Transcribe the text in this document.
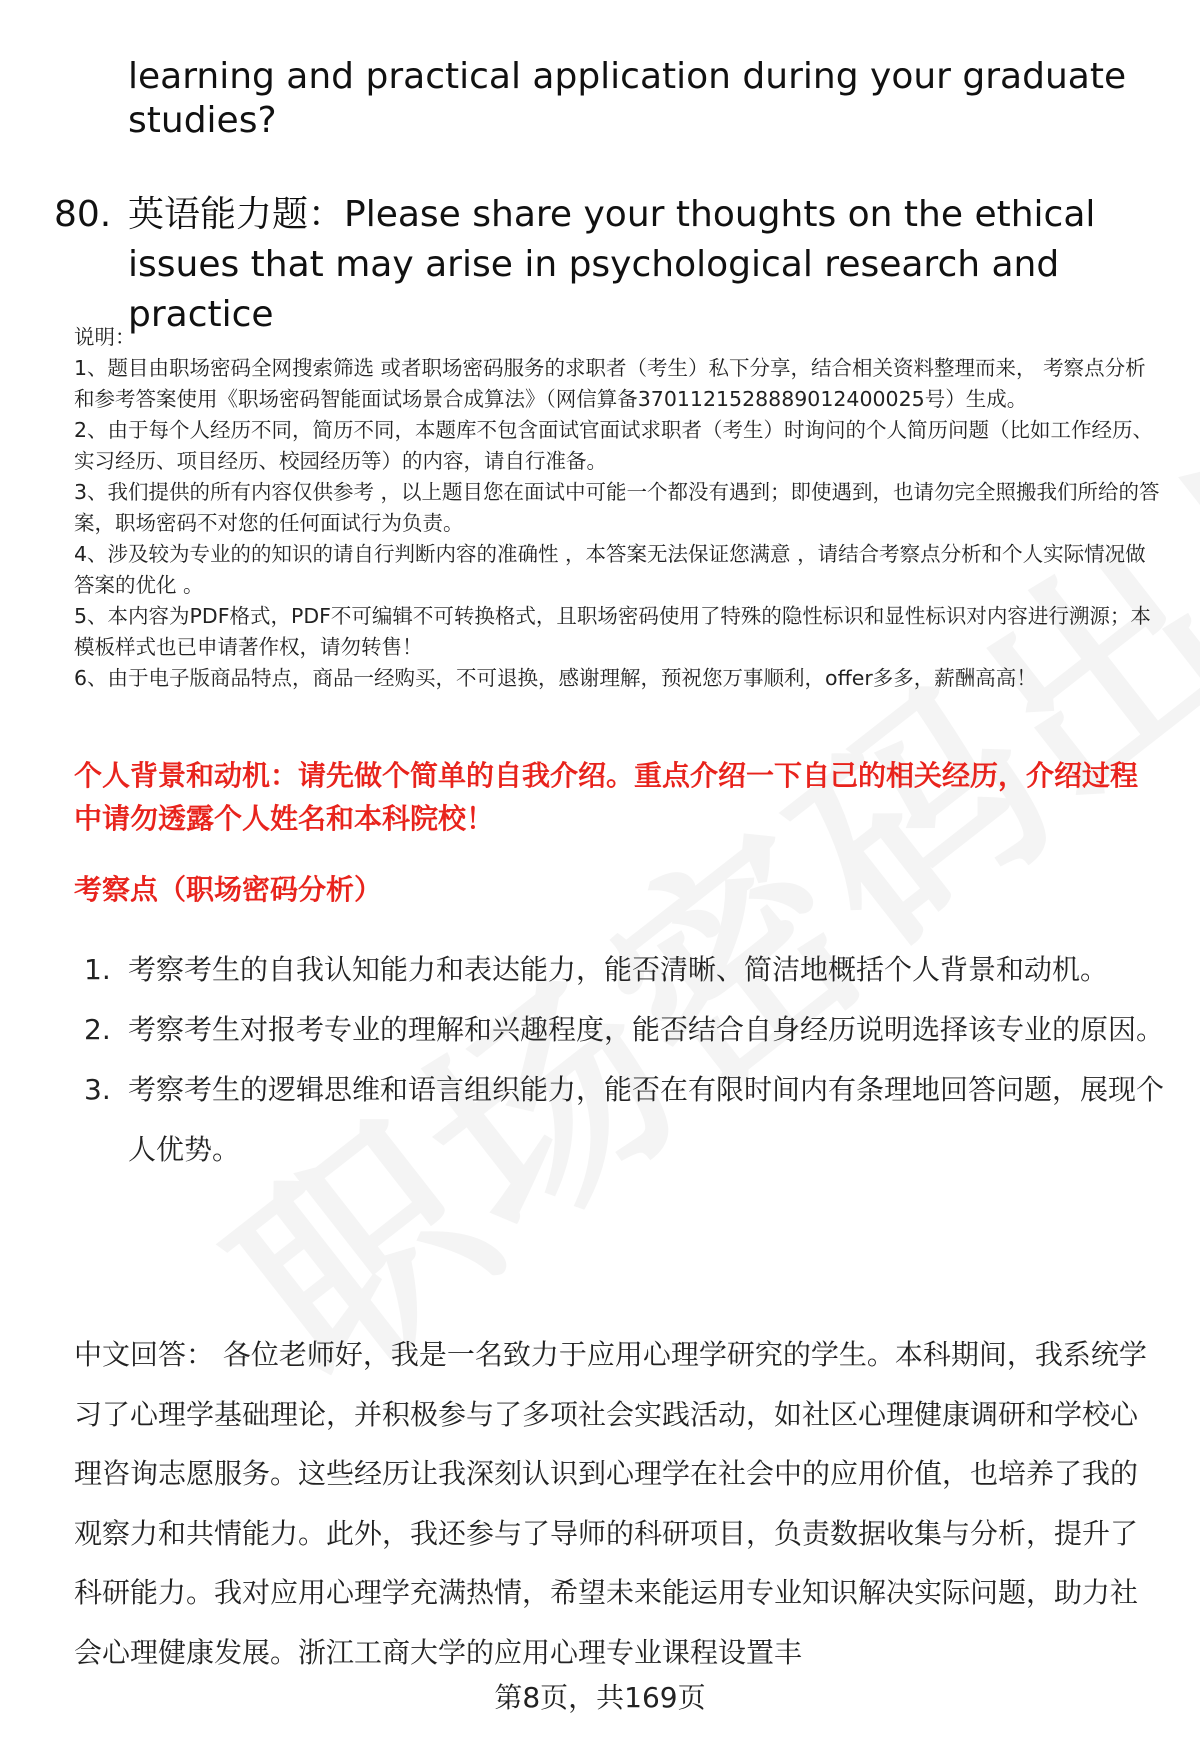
learning and practical application during your graduate
studies?
80. 英语能力题：Please share your thoughts on the ethical
issues that may arise in psychological research and practice
说明：
1、题目由职场密码全网搜索筛选 或者职场密码服务的求职者（考生）私下分享，结合相关资料整理而来， 考察点分析和参考答案使用《职场密码智能面试场景合成算法》（网信算备3701121528889012400025号）生成。
2、由于每个人经历不同，简历不同，本题库不包含面试官面试求职者（考生）时询问的个人简历问题（比如工作经历、实习经历、项目经历、校园经历等）的内容，请自行准备。
3、我们提供的所有内容仅供参考 ，以上题目您在面试中可能一个都没有遇到；即使遇到，也请勿完全照搬我们所给的答案，职场密码不对您的任何面试行为负责。
4、涉及较为专业的的知识的请自行判断内容的准确性 ，本答案无法保证您满意 ，请结合考察点分析和个人实际情况做答案的优化 。
5、本内容为PDF格式，PDF不可编辑不可转换格式，且职场密码使用了特殊的隐性标识和显性标识对内容进行溯源；本模板样式也已申请著作权，请勿转售！
6、由于电子版商品特点，商品一经购买，不可退换，感谢理解，预祝您万事顺利，offer多多，薪酬高高！
个人背景和动机：请先做个简单的自我介绍。重点介绍一下自己的相关经历，介绍过程中请勿透露个人姓名和本科院校！
考察点（职场密码分析）
1. 考察考生的自我认知能力和表达能力，能否清晰、简洁地概括个人背景和动机。
2. 考察考生对报考专业的理解和兴趣程度，能否结合自身经历说明选择该专业的原因。
3. 考察考生的逻辑思维和语言组织能力，能否在有限时间内有条理地回答问题，展现个人优势。
中文回答： 各位老师好，我是一名致力于应用心理学研究的学生。本科期间，我系统学习了心理学基础理论，并积极参与了多项社会实践活动，如社区心理健康调研和学校心理咨询志愿服务。这些经历让我深刻认识到心理学在社会中的应用价值，也培养了我的观察力和共情能力。此外，我还参与了导师的科研项目，负责数据收集与分析，提升了科研能力。我对应用心理学充满热情，希望未来能运用专业知识解决实际问题，助力社会心理健康发展。浙江工商大学的应用心理专业课程设置丰
第8页，共169页
